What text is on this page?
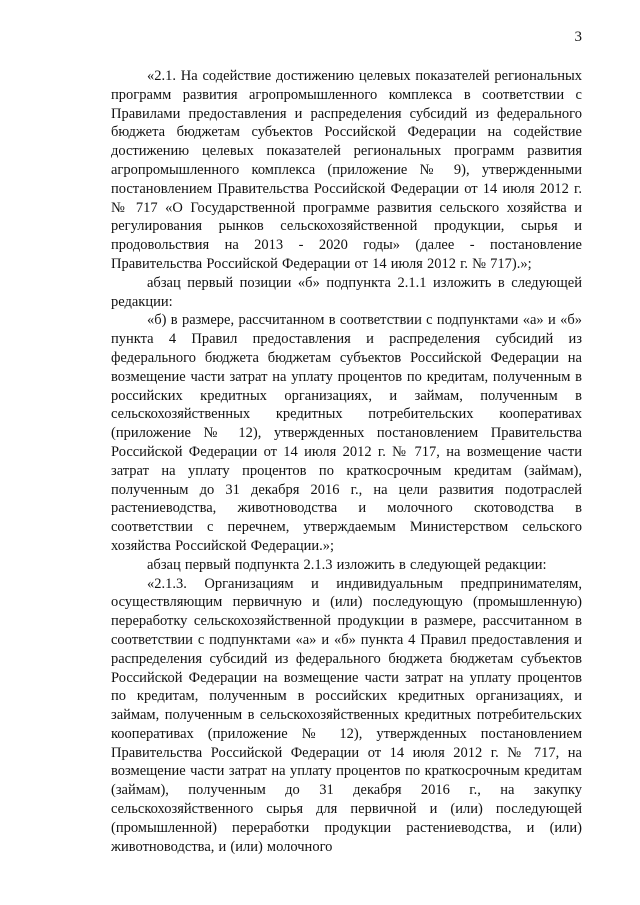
3

«2.1. На содействие достижению целевых показателей региональных программ развития агропромышленного комплекса в соответствии с Правилами предоставления и распределения субсидий из федерального бюджета бюджетам субъектов Российской Федерации на содействие достижению целевых показателей региональных программ развития агропромышленного комплекса (приложение № 9), утвержденными постановлением Правительства Российской Федерации от 14 июля 2012 г. № 717 «О Государственной программе развития сельского хозяйства и регулирования рынков сельскохозяйственной продукции, сырья и продовольствия на 2013 - 2020 годы» (далее - постановление Правительства Российской Федерации от 14 июля 2012 г. № 717).»;

абзац первый позиции «б» подпункта 2.1.1 изложить в следующей редакции:

«б) в размере, рассчитанном в соответствии с подпунктами «а» и «б» пункта 4 Правил предоставления и распределения субсидий из федерального бюджета бюджетам субъектов Российской Федерации на возмещение части затрат на уплату процентов по кредитам, полученным в российских кредитных организациях, и займам, полученным в сельскохозяйственных кредитных потребительских кооперативах (приложение № 12), утвержденных постановлением Правительства Российской Федерации от 14 июля 2012 г. № 717, на возмещение части затрат на уплату процентов по краткосрочным кредитам (займам), полученным до 31 декабря 2016 г., на цели развития подотраслей растениеводства, животноводства и молочного скотоводства в соответствии с перечнем, утверждаемым Министерством сельского хозяйства Российской Федерации.»;

абзац первый подпункта 2.1.3 изложить в следующей редакции:

«2.1.3. Организациям и индивидуальным предпринимателям, осуществляющим первичную и (или) последующую (промышленную) переработку сельскохозяйственной продукции в размере, рассчитанном в соответствии с подпунктами «а» и «б» пункта 4 Правил предоставления и распределения субсидий из федерального бюджета бюджетам субъектов Российской Федерации на возмещение части затрат на уплату процентов по кредитам, полученным в российских кредитных организациях, и займам, полученным в сельскохозяйственных кредитных потребительских кооперативах (приложение № 12), утвержденных постановлением Правительства Российской Федерации от 14 июля 2012 г. № 717, на возмещение части затрат на уплату процентов по краткосрочным кредитам (займам), полученным до 31 декабря 2016 г., на закупку сельскохозяйственного сырья для первичной и (или) последующей (промышленной) переработки продукции растениеводства, и (или) животноводства, и (или) молочного
